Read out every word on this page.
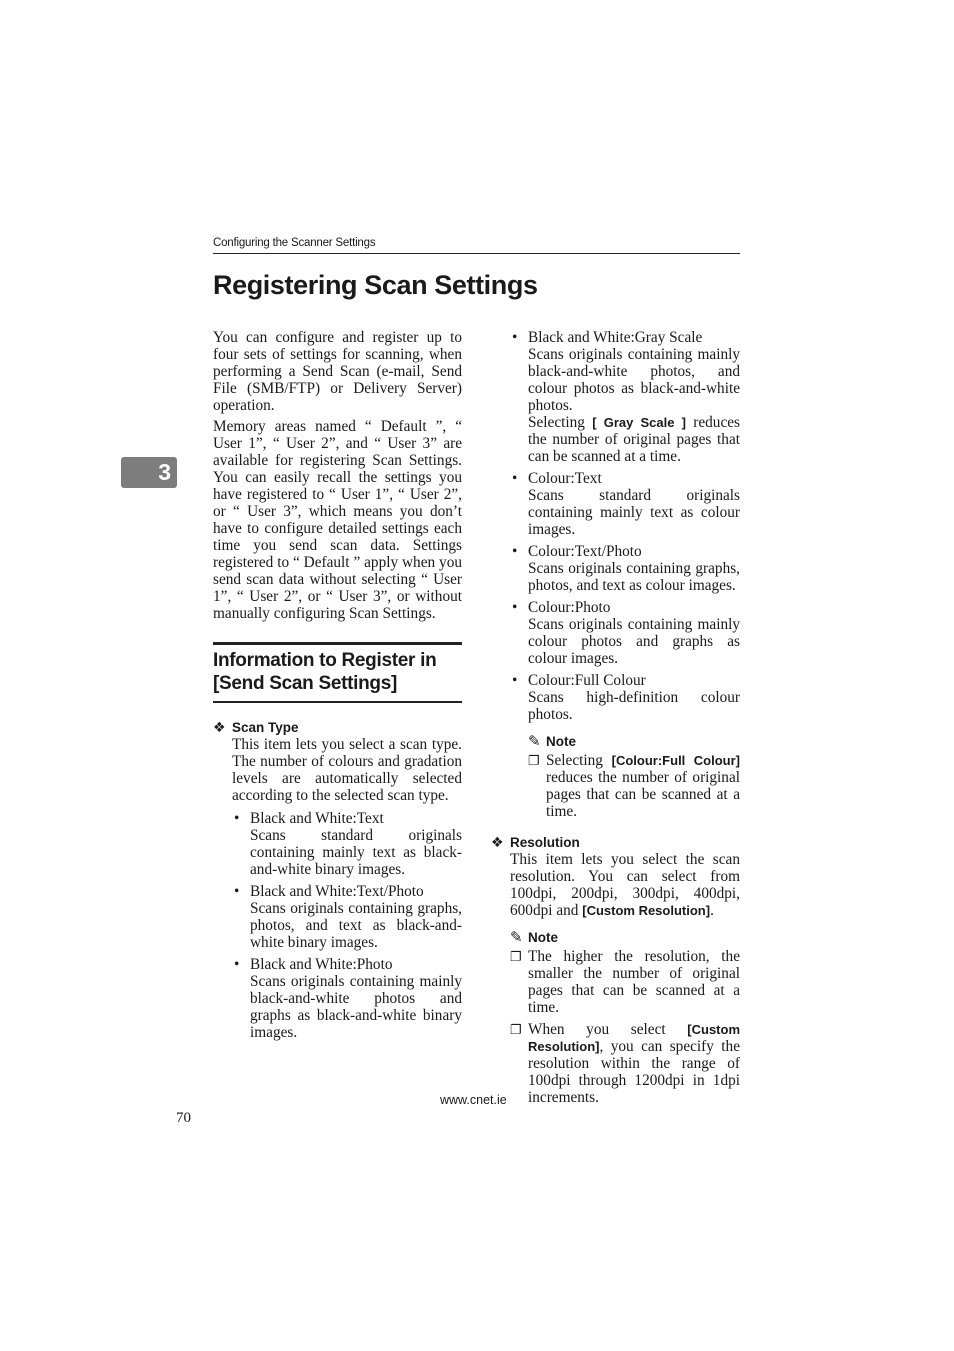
Configuring the Scanner Settings
Registering Scan Settings
3

You can configure and register up to four sets of settings for scanning, when performing a Send Scan (e-mail, Send File (SMB/FTP) or Delivery Server) operation.

Memory areas named “ Default ”, “ User 1”, “ User 2”, and “ User 3” are available for registering Scan Settings. You can easily recall the settings you have registered to “ User 1”, “ User 2”, or “ User 3”, which means you don’t have to configure detailed settings each time you send scan data. Settings registered to “ Default ” apply when you send scan data without selecting “ User 1”, “ User 2”, or “ User 3”, or without manually configuring Scan Settings.

Information to Register in [Send Scan Settings]
❖ Scan Type

This item lets you select a scan type. The number of colours and gradation levels are automatically selected according to the selected scan type.

• Black and White:Text
Scans standard originals containing mainly text as black-and-white binary images.
• Black and White:Text/Photo
Scans originals containing graphs, photos, and text as black-and-white binary images.
• Black and White:Photo
Scans originals containing mainly black-and-white photos and graphs as black-and-white binary images.
• Black and White:Gray Scale
Scans originals containing mainly black-and-white photos, and colour photos as black-and-white photos.
Selecting [ Gray Scale ] reduces the number of original pages that can be scanned at a time.
• Colour:Text
Scans standard originals containing mainly text as colour images.
• Colour:Text/Photo
Scans originals containing graphs, photos, and text as colour images.
• Colour:Photo
Scans originals containing mainly colour photos and graphs as colour images.
• Colour:Full Colour
Scans high-definition colour photos.
✎ Note
❐ Selecting [Colour:Full Colour] reduces the number of original pages that can be scanned at a time.
❖ Resolution

This item lets you select the scan resolution. You can select from 100dpi, 200dpi, 300dpi, 400dpi, 600dpi and [Custom Resolution].

✎ Note
❐ The higher the resolution, the smaller the number of original pages that can be scanned at a time.
❐ When you select [Custom Resolution], you can specify the resolution within the range of 100dpi through 1200dpi in 1dpi increments.
70
www.cnet.ie
